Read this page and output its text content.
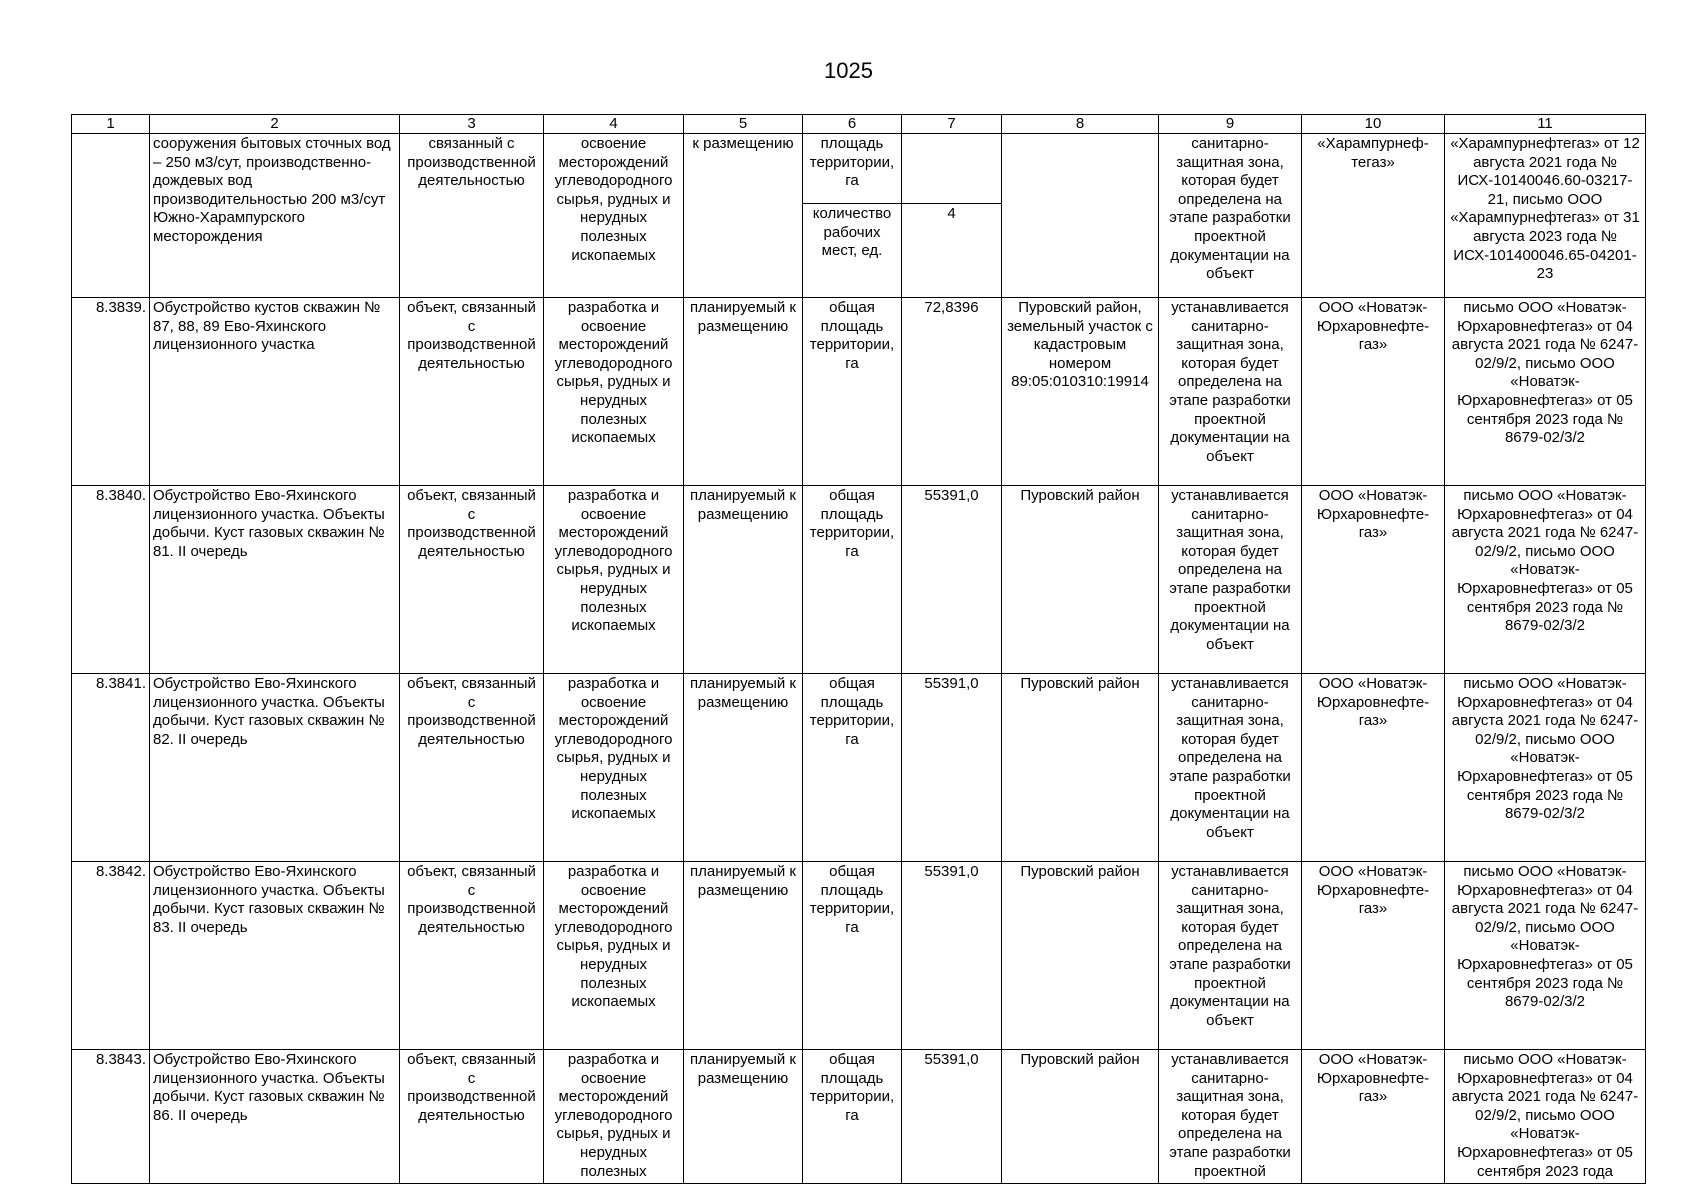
1025
1	2	3	4	5	6	7	8	9	10	11
	сооружения бытовых сточных вод – 250 м3/сут, производственно-дождевых вод производительностью 200 м3/сут Южно-Харампурского месторождения	связанный с производственной деятельностью	освоение месторождений углеводородного сырья, рудных и нерудных полезных ископаемых	к размещению	площадь территории, га			санитарно-защитная зона, которая будет определена на этапе разработки проектной документации на объект	«Харампурнеф-тегаз»	«Харампурнефтегаз» от 12 августа 2021 года № ИСХ-10140046.60-03217-21, письмо ООО «Харампурнефтегаз» от 31 августа 2023 года № ИСХ-101400046.65-04201-23
					количество рабочих мест, ед.	4				
8.3839.	Обустройство кустов скважин № 87, 88, 89 Ево-Яхинского лицензионного участка	объект, связанный с производственной деятельностью	разработка и освоение месторождений углеводородного сырья, рудных и нерудных полезных ископаемых	планируемый к размещению	общая площадь территории, га	72,8396	Пуровский район, земельный участок с кадастровым номером 89:05:010310:19914	устанавливается санитарно-защитная зона, которая будет определена на этапе разработки проектной документации на объект	ООО «Новатэк-Юрхаровнефте-газ»	письмо ООО «Новатэк-Юрхаровнефтегаз» от 04 августа 2021 года № 6247-02/9/2, письмо ООО «Новатэк-Юрхаровнефтегаз» от 05 сентября 2023 года № 8679-02/3/2
8.3840.	Обустройство Ево-Яхинского лицензионного участка. Объекты добычи. Куст газовых скважин № 81. II очередь	объект, связанный с производственной деятельностью	разработка и освоение месторождений углеводородного сырья, рудных и нерудных полезных ископаемых	планируемый к размещению	общая площадь территории, га	55391,0	Пуровский район	устанавливается санитарно-защитная зона, которая будет определена на этапе разработки проектной документации на объект	ООО «Новатэк-Юрхаровнефте-газ»	письмо ООО «Новатэк-Юрхаровнефтегаз» от 04 августа 2021 года № 6247-02/9/2, письмо ООО «Новатэк-Юрхаровнефтегаз» от 05 сентября 2023 года № 8679-02/3/2
8.3841.	Обустройство Ево-Яхинского лицензионного участка. Объекты добычи. Куст газовых скважин № 82. II очередь	объект, связанный с производственной деятельностью	разработка и освоение месторождений углеводородного сырья, рудных и нерудных полезных ископаемых	планируемый к размещению	общая площадь территории, га	55391,0	Пуровский район	устанавливается санитарно-защитная зона, которая будет определена на этапе разработки проектной документации на объект	ООО «Новатэк-Юрхаровнефте-газ»	письмо ООО «Новатэк-Юрхаровнефтегаз» от 04 августа 2021 года № 6247-02/9/2, письмо ООО «Новатэк-Юрхаровнефтегаз» от 05 сентября 2023 года № 8679-02/3/2
8.3842.	Обустройство Ево-Яхинского лицензионного участка. Объекты добычи. Куст газовых скважин № 83. II очередь	объект, связанный с производственной деятельностью	разработка и освоение месторождений углеводородного сырья, рудных и нерудных полезных ископаемых	планируемый к размещению	общая площадь территории, га	55391,0	Пуровский район	устанавливается санитарно-защитная зона, которая будет определена на этапе разработки проектной документации на объект	ООО «Новатэк-Юрхаровнефте-газ»	письмо ООО «Новатэк-Юрхаровнефтегаз» от 04 августа 2021 года № 6247-02/9/2, письмо ООО «Новатэк-Юрхаровнефтегаз» от 05 сентября 2023 года № 8679-02/3/2
8.3843.	Обустройство Ево-Яхинского лицензионного участка. Объекты добычи. Куст газовых скважин № 86. II очередь	объект, связанный с производственной деятельностью	разработка и освоение месторождений углеводородного сырья, рудных и нерудных полезных	планируемый к размещению	общая площадь территории, га	55391,0	Пуровский район	устанавливается санитарно-защитная зона, которая будет определена на этапе разработки проектной	ООО «Новатэк-Юрхаровнефте-газ»	письмо ООО «Новатэк-Юрхаровнефтегаз» от 04 августа 2021 года № 6247-02/9/2, письмо ООО «Новатэк-Юрхаровнефтегаз» от 05 сентября 2023 года
